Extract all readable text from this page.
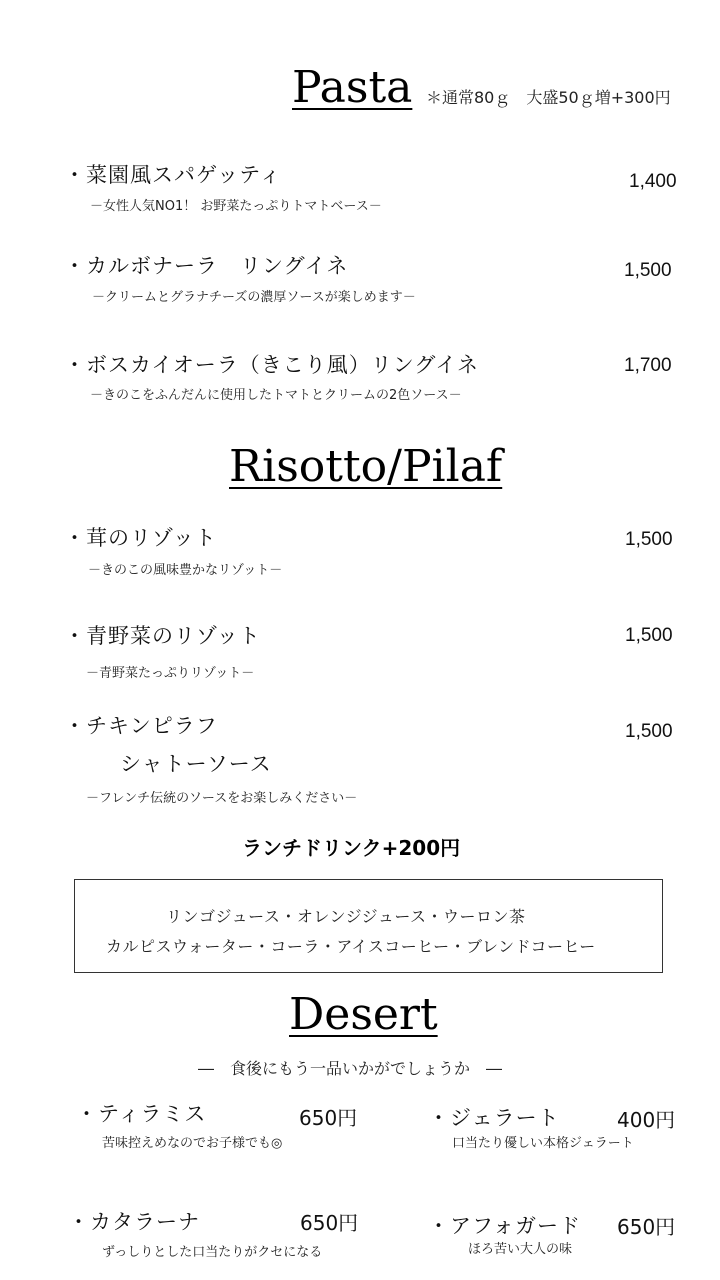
Pasta ＊通常80ｇ　大盛50ｇ増+300円
・菜園風スパゲッティ
－女性人気NO1！ お野菜たっぷりトマトベース－
1,400
・カルボナーラ　リングイネ
－クリームとグラナチーズの濃厚ソースが楽しめます－
1,500
・ボスカイオーラ（きこり風）リングイネ
－きのこをふんだんに使用したトマトとクリームの2色ソース－
1,700
Risotto/Pilaf
・茸のリゾット
－きのこの風味豊かなリゾット－
1,500
・青野菜のリゾット
－青野菜たっぷりリゾット－
1,500
・チキンピラフ
シャトーソース
－フレンチ伝統のソースをお楽しみください－
1,500
ランチドリンク+200円
リンゴジュース・オレンジジュース・ウーロン茶
カルピスウォーター・コーラ・アイスコーヒー・ブレンドコーヒー
Desert
―　食後にもう一品いかがでしょうか　―
・ティラミス	650円
苦味控えめなのでお子様でも◎
・ジェラート	400円
口当たり優しい本格ジェラート
・カタラーナ	650円
ずっしりとした口当たりがクセになる
・アフォガード 650円
ほろ苦い大人の味
